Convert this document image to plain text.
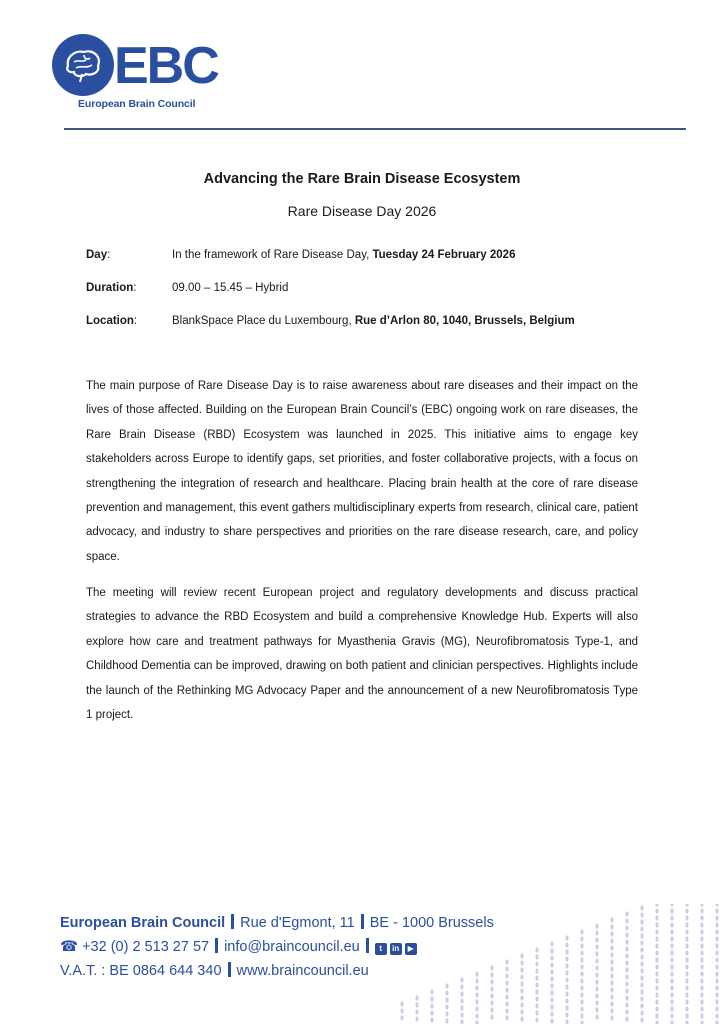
EBC
European Brain Council
Advancing the Rare Brain Disease Ecosystem
Rare Disease Day 2026
Day:	In the framework of Rare Disease Day, Tuesday 24 February 2026
Duration:	09.00 – 15.45 – Hybrid
Location:	BlankSpace Place du Luxembourg, Rue d’Arlon 80, 1040, Brussels, Belgium

The main purpose of Rare Disease Day is to raise awareness about rare diseases and their impact on the lives of those affected. Building on the European Brain Council’s (EBC) ongoing work on rare diseases, the Rare Brain Disease (RBD) Ecosystem was launched in 2025. This initiative aims to engage key stakeholders across Europe to identify gaps, set priorities, and foster collaborative projects, with a focus on strengthening the integration of research and healthcare. Placing brain health at the core of rare disease prevention and management, this event gathers multidisciplinary experts from research, clinical care, patient advocacy, and industry to share perspectives and priorities on the rare disease research, care, and policy space.

The meeting will review recent European project and regulatory developments and discuss practical strategies to advance the RBD Ecosystem and build a comprehensive Knowledge Hub. Experts will also explore how care and treatment pathways for Myasthenia Gravis (MG), Neurofibromatosis Type-1, and Childhood Dementia can be improved, drawing on both patient and clinician perspectives. Highlights include the launch of the Rethinking MG Advocacy Paper and the announcement of a new Neurofibromatosis Type 1 project.

European Brain Council Rue d'Egmont, 11 BE - 1000 Brussels
☎ +32 (0) 2 513 27 57 info@braincouncil.eu t in ▶
V.A.T. : BE 0864 644 340 www.braincouncil.eu
